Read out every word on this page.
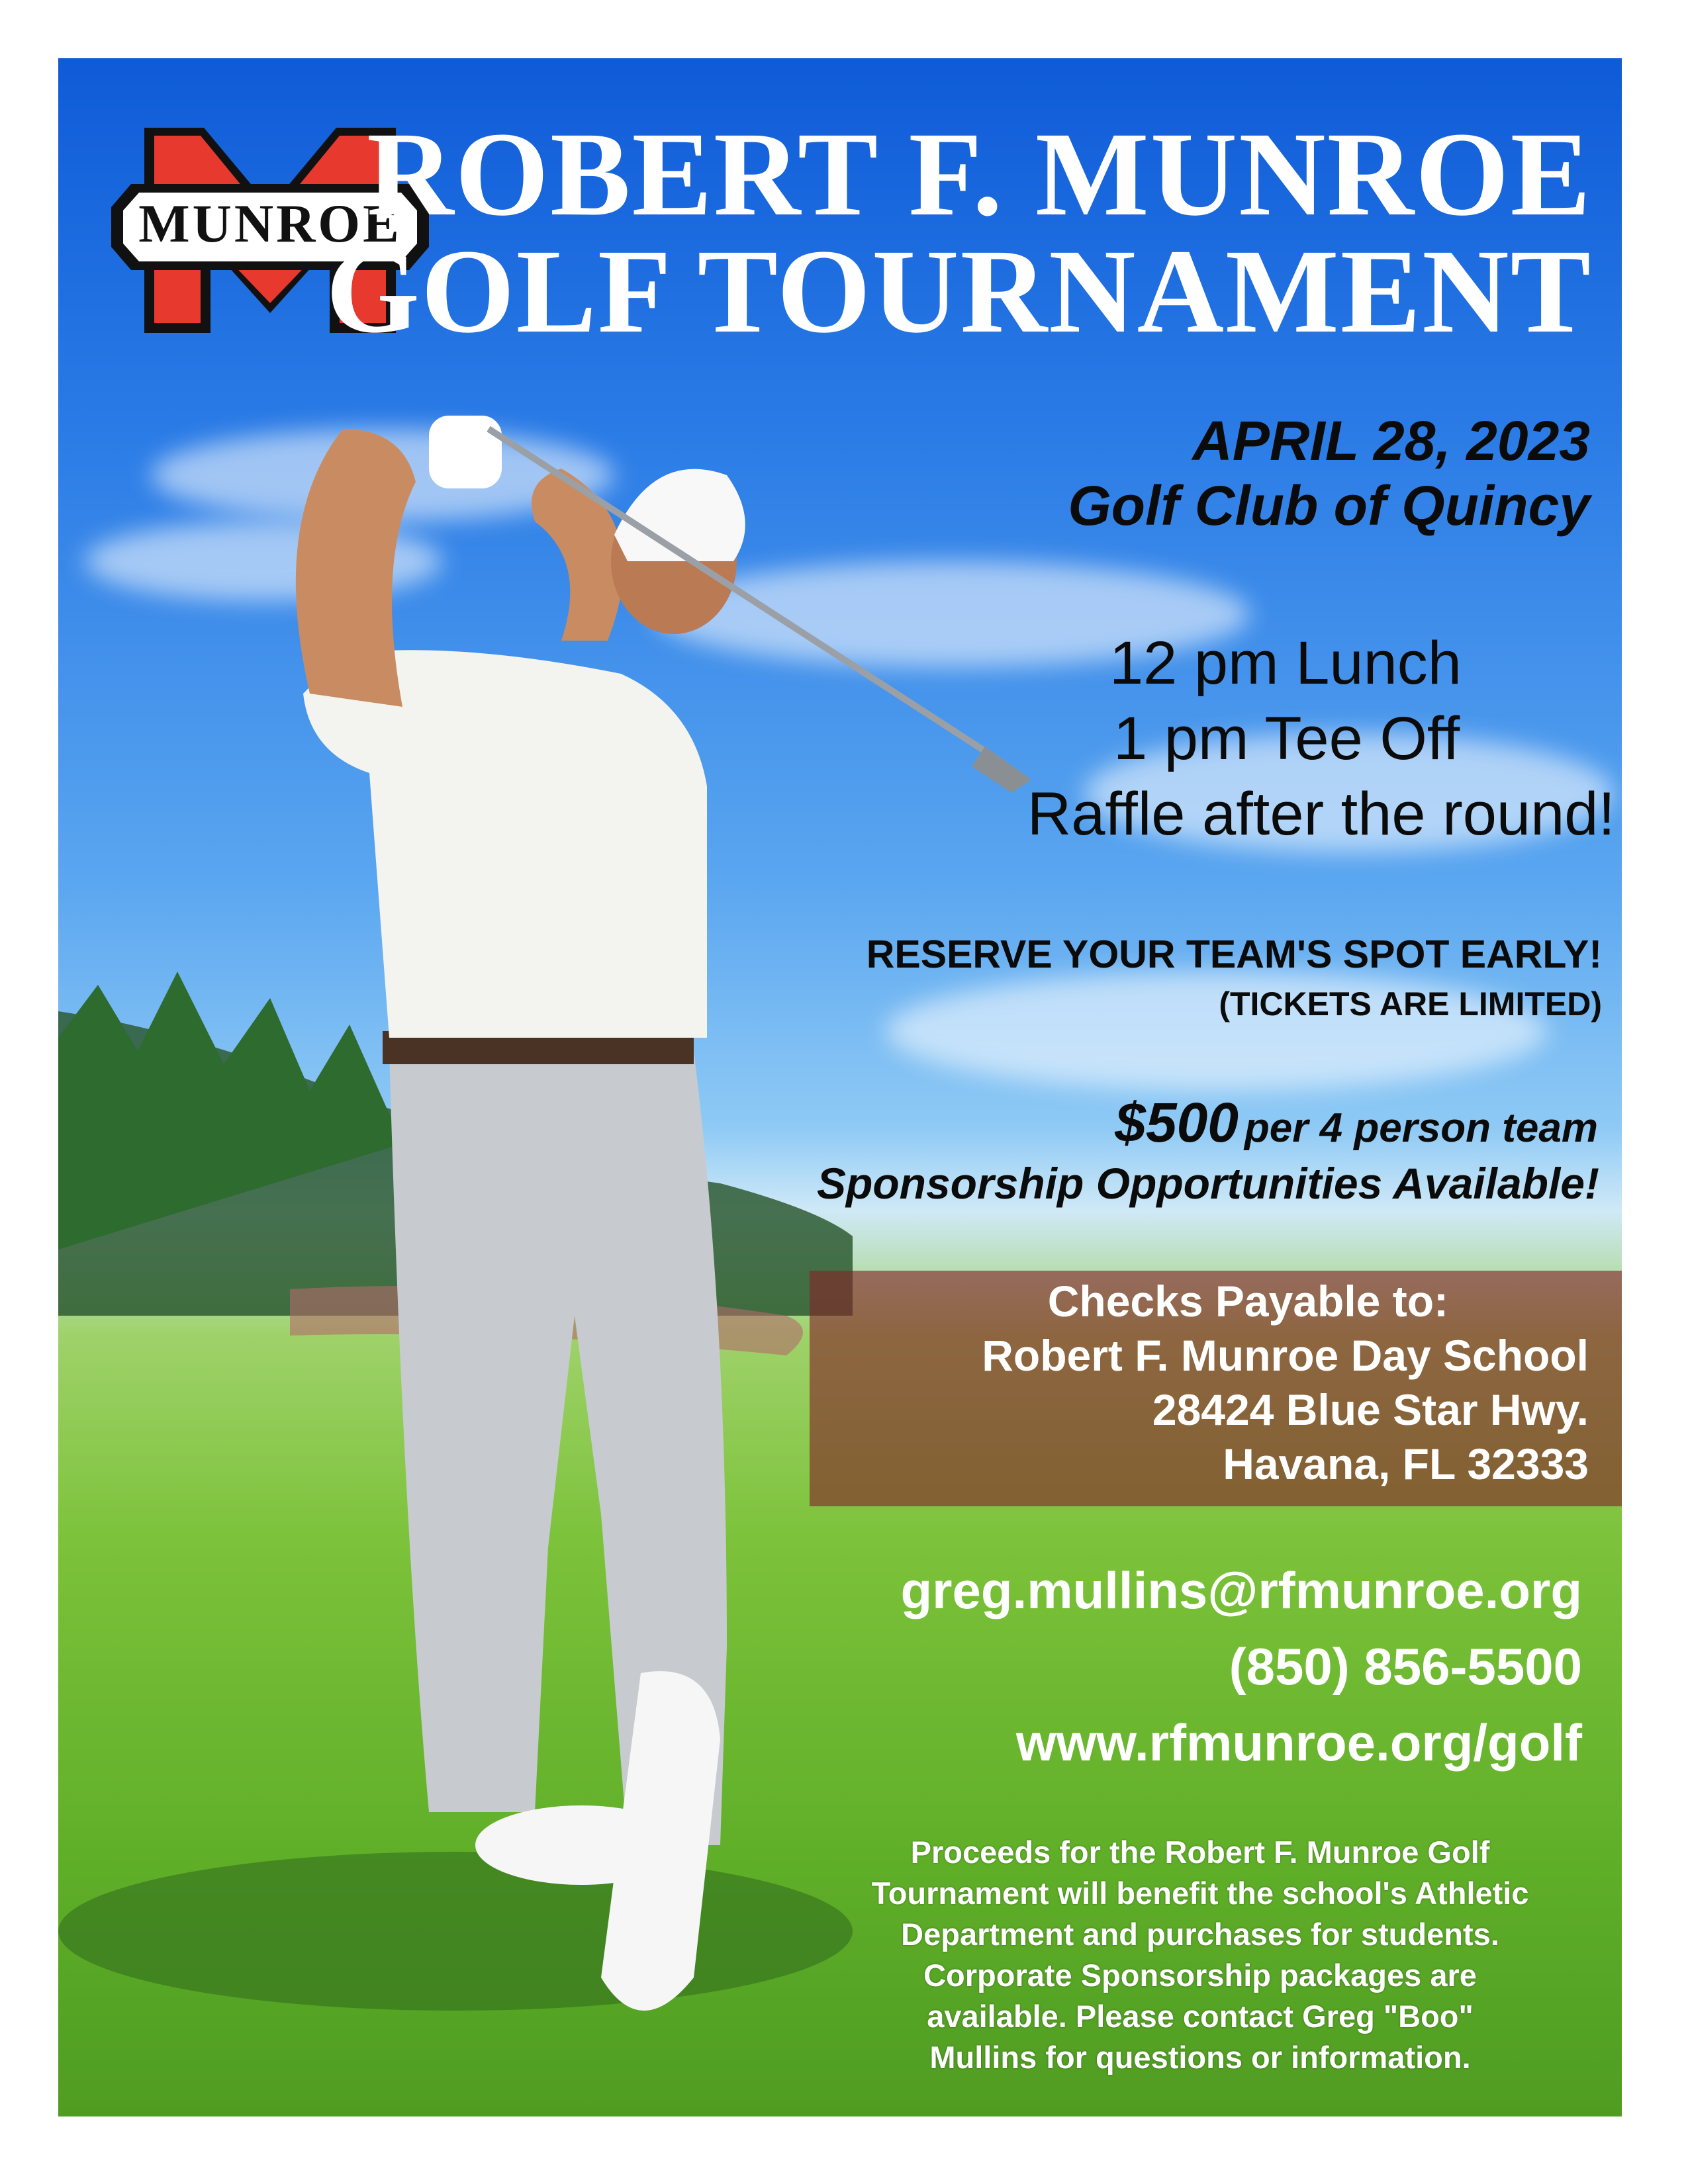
MUNROE
ROBERT F. MUNROE
GOLF TOURNAMENT
APRIL 28, 2023
Golf Club of Quincy
12 pm Lunch
1 pm Tee Off
Raffle after the round!
RESERVE YOUR TEAM'S SPOT EARLY!
(TICKETS ARE LIMITED)
$500 per 4 person team
Sponsorship Opportunities Available!
Checks Payable to:
Robert F. Munroe Day School
28424 Blue Star Hwy.
Havana, FL 32333
greg.mullins@rfmunroe.org
(850) 856-5500
www.rfmunroe.org/golf
Proceeds for the Robert F. Munroe Golf
Tournament will benefit the school's Athletic
Department and purchases for students.
Corporate Sponsorship packages are
available. Please contact Greg "Boo"
Mullins for questions or information.
